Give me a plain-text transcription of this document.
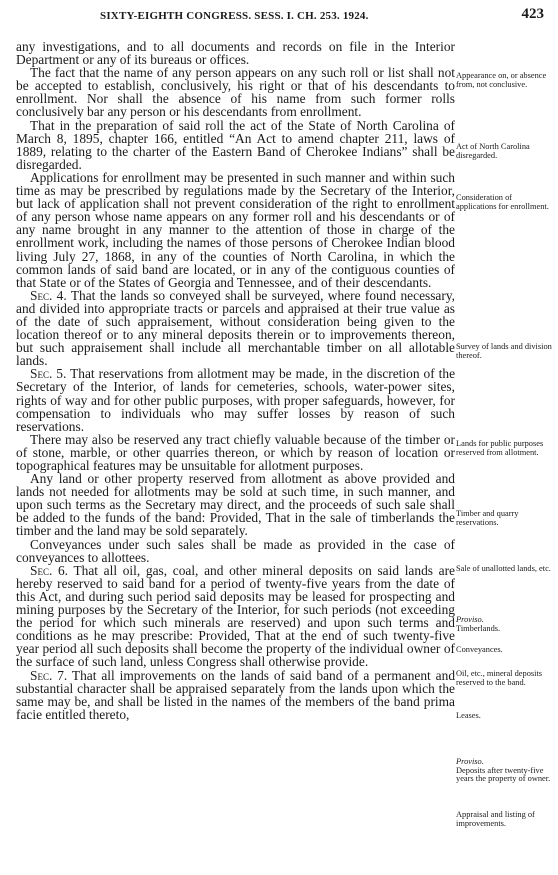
SIXTY-EIGHTH CONGRESS. SESS. I. CH. 253. 1924.	423

any investigations, and to all documents and records on file in the Interior Department or any of its bureaus or offices.

The fact that the name of any person appears on any such roll or list shall not be accepted to establish, conclusively, his right or that of his descendants to enrollment. Nor shall the absence of his name from such former rolls conclusively bar any person or his descendants from enrollment.

That in the preparation of said roll the act of the State of North Carolina of March 8, 1895, chapter 166, entitled “An Act to amend chapter 211, laws of 1889, relating to the charter of the Eastern Band of Cherokee Indians” shall be disregarded.

Applications for enrollment may be presented in such manner and within such time as may be prescribed by regulations made by the Secretary of the Interior, but lack of application shall not prevent consideration of the right to enrollment of any person whose name appears on any former roll and his descendants or of any name brought in any manner to the attention of those in charge of the enrollment work, including the names of those persons of Cherokee Indian blood living July 27, 1868, in any of the counties of North Carolina, in which the common lands of said band are located, or in any of the contiguous counties of that State or of the States of Georgia and Tennessee, and of their descendants.

Sec. 4. That the lands so conveyed shall be surveyed, where found necessary, and divided into appropriate tracts or parcels and appraised at their true value as of the date of such appraisement, without consideration being given to the location thereof or to any mineral deposits therein or to improvements thereon, but such appraisement shall include all merchantable timber on all allotable lands.

Sec. 5. That reservations from allotment may be made, in the discretion of the Secretary of the Interior, of lands for cemeteries, schools, water-power sites, rights of way and for other public purposes, with proper safeguards, however, for compensation to individuals who may suffer losses by reason of such reservations.

There may also be reserved any tract chiefly valuable because of the timber or of stone, marble, or other quarries thereon, or which by reason of location or topographical features may be unsuitable for allotment purposes.

Any land or other property reserved from allotment as above provided and lands not needed for allotments may be sold at such time, in such manner, and upon such terms as the Secretary may direct, and the proceeds of such sale shall be added to the funds of the band: Provided, That in the sale of timberlands the timber and the land may be sold separately.

Conveyances under such sales shall be made as provided in the case of conveyances to allottees.

Sec. 6. That all oil, gas, coal, and other mineral deposits on said lands are hereby reserved to said band for a period of twenty-five years from the date of this Act, and during such period said deposits may be leased for prospecting and mining purposes by the Secretary of the Interior, for such periods (not exceeding the period for which such minerals are reserved) and upon such terms and conditions as he may prescribe: Provided, That at the end of such twenty-five year period all such deposits shall become the property of the individual owner of the surface of such land, unless Congress shall otherwise provide.

Sec. 7. That all improvements on the lands of said band of a permanent and substantial character shall be appraised separately from the lands upon which the same may be, and shall be listed in the names of the members of the band prima facie entitled thereto,

Appearance on, or absence from, not conclusive.

Act of North Carolina disregarded.

Consideration of applications for enrollment.

Survey of lands and division thereof.

Lands for public purposes reserved from allotment.

Timber and quarry reservations.

Sale of unallotted lands, etc.

Proviso.
Timberlands.

Conveyances.

Oil, etc., mineral deposits reserved to the band.

Leases.

Proviso.
Deposits after twenty-five years the property of owner.

Appraisal and listing of improvements.
